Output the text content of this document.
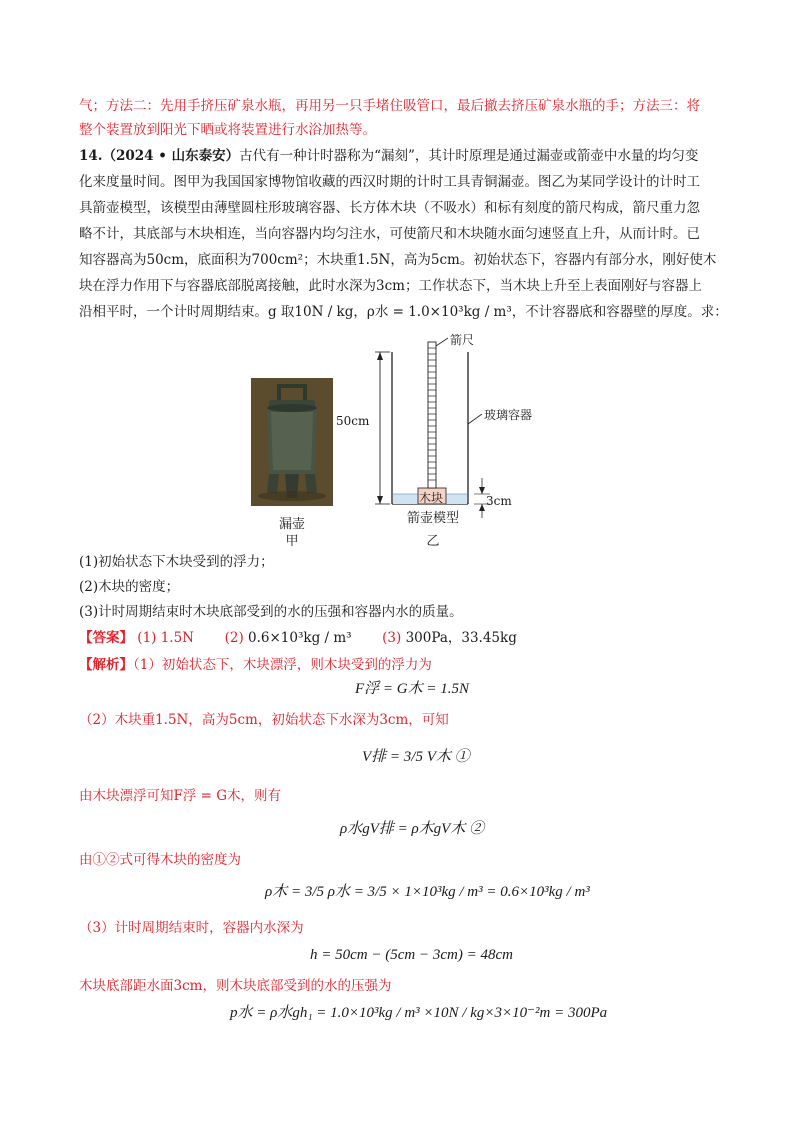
气；方法二：先用手挤压矿泉水瓶，再用另一只手堵住吸管口，最后撤去挤压矿泉水瓶的手；方法三：将
整个装置放到阳光下晒或将装置进行水浴加热等。
14.（2024 • 山东泰安）古代有一种计时器称为“漏刻”，其计时原理是通过漏壶或箭壶中水量的均匀变
化来度量时间。图甲为我国国家博物馆收藏的西汉时期的计时工具青铜漏壶。图乙为某同学设计的计时工
具箭壶模型，该模型由薄壁圆柱形玻璃容器、长方体木块（不吸水）和标有刻度的箭尺构成，箭尺重力忽
略不计，其底部与木块相连，当向容器内均匀注水，可使箭尺和木块随水面匀速竖直上升，从而计时。已
知容器高为50cm，底面积为700cm²；木块重1.5N，高为5cm。初始状态下，容器内有部分水，刚好使木
块在浮力作用下与容器底部脱离接触，此时水深为3cm；工作状态下，当木块上升至上表面刚好与容器上
沿相平时，一个计时周期结束。g 取10N / kg，ρ水 = 1.0×10³kg / m³，不计容器底和容器壁的厚度。求：
漏壶
甲
箭尺
50cm	玻璃容器
木块	3cm
箭壶模型
乙
(1)初始状态下木块受到的浮力；
(2)木块的密度；
(3)计时周期结束时木块底部受到的水的压强和容器内水的质量。
【答案】 (1) 1.5N (2) 0.6×10³kg / m³ (3) 300Pa，33.45kg
【解析】（1）初始状态下，木块漂浮，则木块受到的浮力为
F浮 = G木 = 1.5N
（2）木块重1.5N，高为5cm，初始状态下水深为3cm，可知
V排 = 3/5 V木 ①
由木块漂浮可知F浮 = G木，则有
ρ水gV排 = ρ木gV木 ②
由①②式可得木块的密度为
ρ木 = 3/5 ρ水 = 3/5 × 1×10³kg / m³ = 0.6×10³kg / m³
（3）计时周期结束时，容器内水深为
h = 50cm − (5cm − 3cm) = 48cm
木块底部距水面3cm，则木块底部受到的水的压强为
p水 = ρ水gh₁ = 1.0×10³kg / m³ ×10N / kg×3×10⁻²m = 300Pa
